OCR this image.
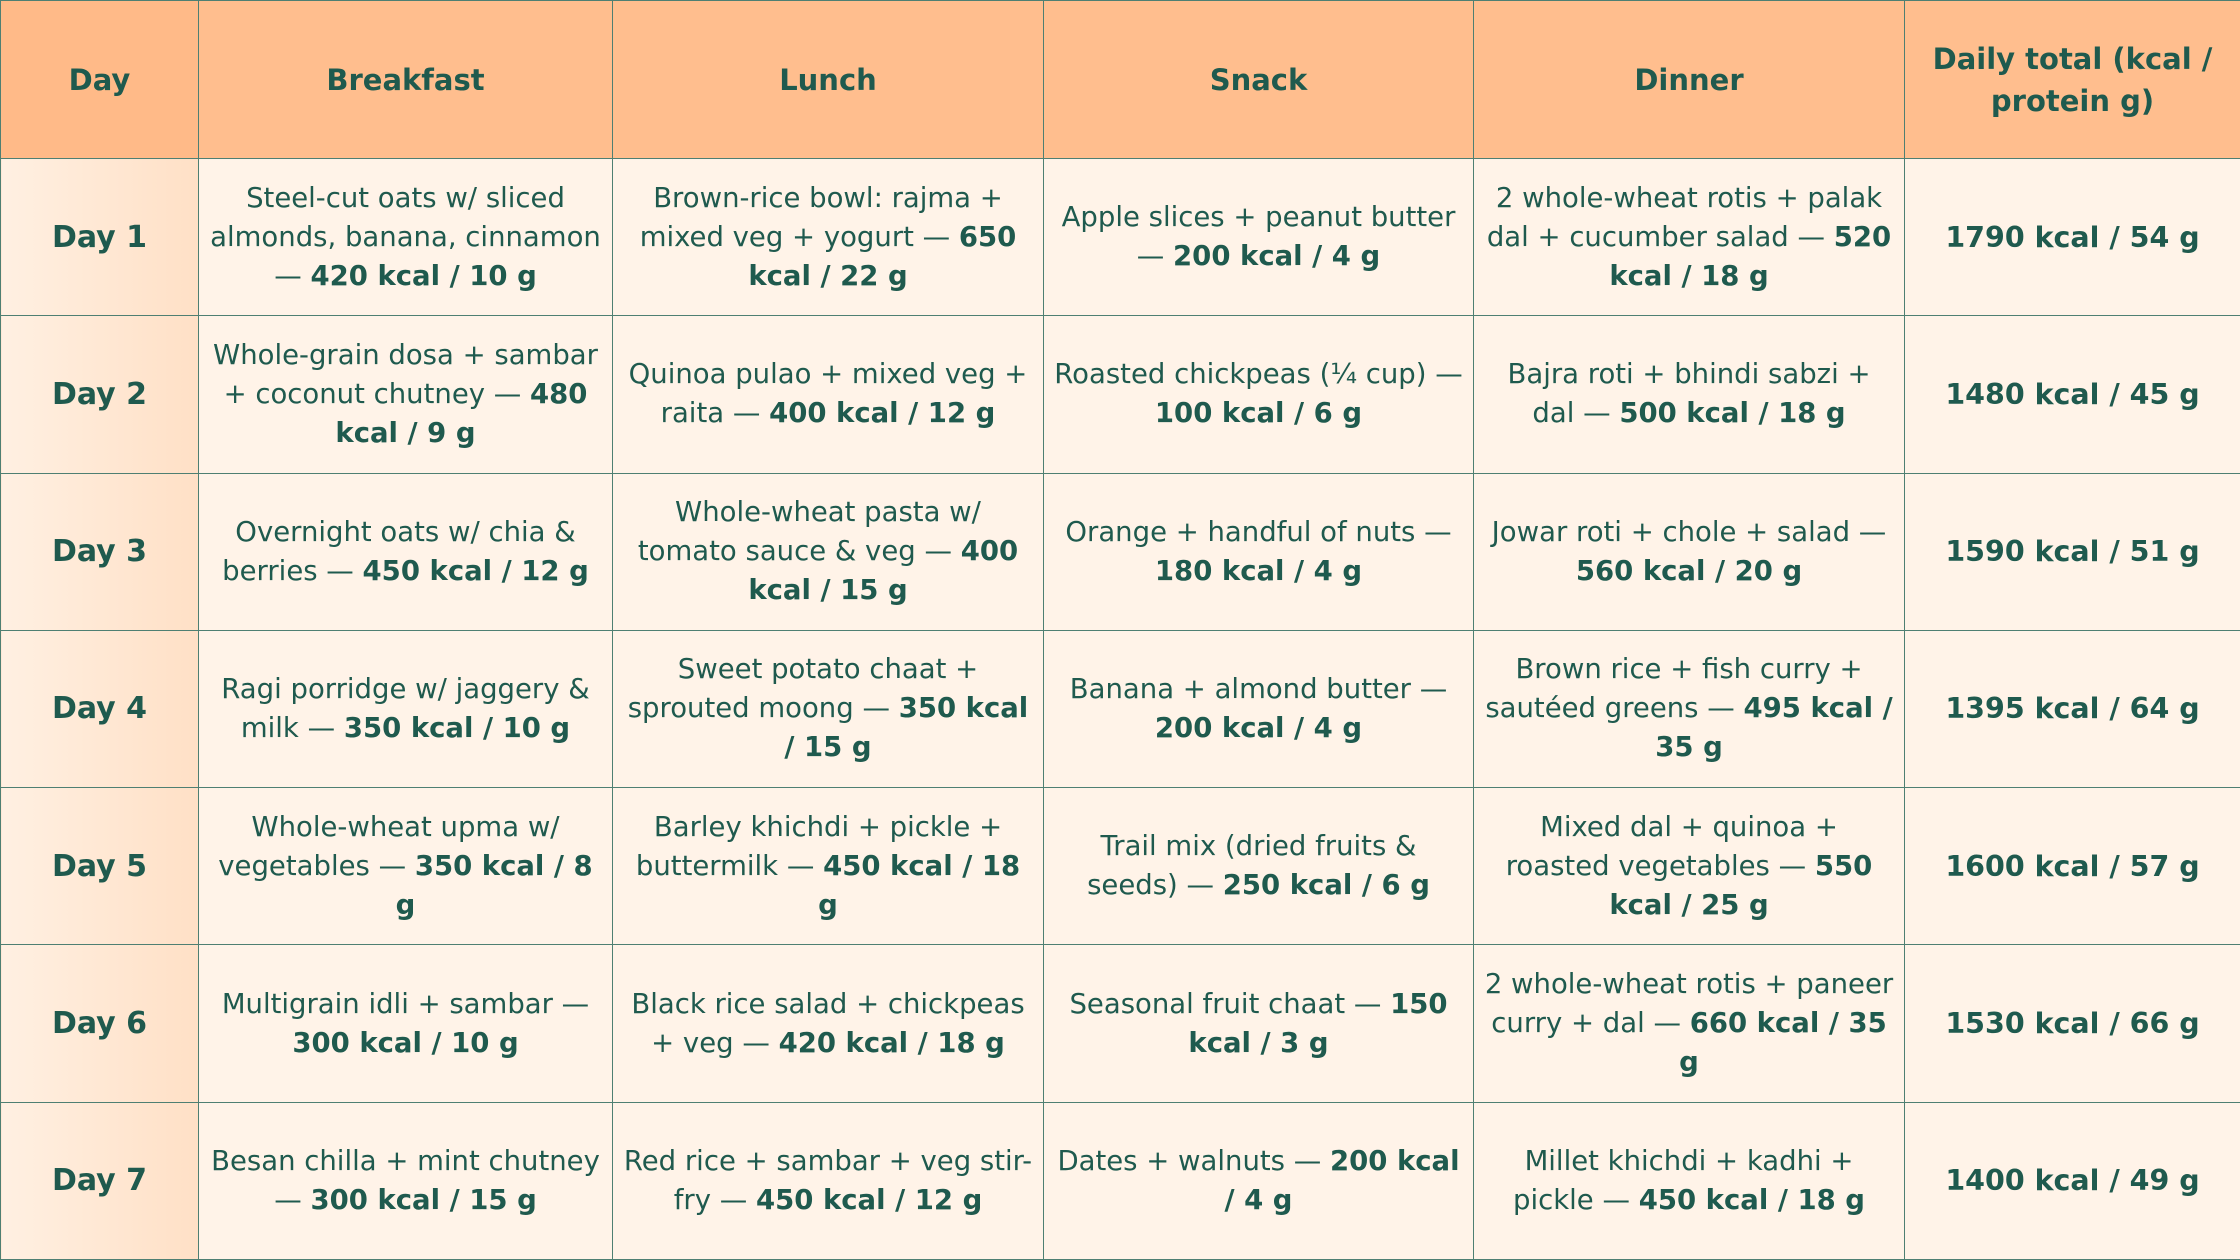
Day	Breakfast	Lunch	Snack	Dinner	Daily total (kcal / protein g)
Day 1	Steel-cut oats w/ sliced almonds, banana, cinnamon — 420 kcal / 10 g	Brown-rice bowl: rajma + mixed veg + yogurt — 650 kcal / 22 g	Apple slices + peanut butter — 200 kcal / 4 g	2 whole-wheat rotis + palak dal + cucumber salad — 520 kcal / 18 g	1790 kcal / 54 g
Day 2	Whole-grain dosa + sambar + coconut chutney — 480 kcal / 9 g	Quinoa pulao + mixed veg + raita — 400 kcal / 12 g	Roasted chickpeas (¼ cup) — 100 kcal / 6 g	Bajra roti + bhindi sabzi + dal — 500 kcal / 18 g	1480 kcal / 45 g
Day 3	Overnight oats w/ chia & berries — 450 kcal / 12 g	Whole-wheat pasta w/ tomato sauce & veg — 400 kcal / 15 g	Orange + handful of nuts — 180 kcal / 4 g	Jowar roti + chole + salad — 560 kcal / 20 g	1590 kcal / 51 g
Day 4	Ragi porridge w/ jaggery & milk — 350 kcal / 10 g	Sweet potato chaat + sprouted moong — 350 kcal / 15 g	Banana + almond butter — 200 kcal / 4 g	Brown rice + fish curry + sautéed greens — 495 kcal / 35 g	1395 kcal / 64 g
Day 5	Whole-wheat upma w/ vegetables — 350 kcal / 8 g	Barley khichdi + pickle + buttermilk — 450 kcal / 18 g	Trail mix (dried fruits & seeds) — 250 kcal / 6 g	Mixed dal + quinoa + roasted vegetables — 550 kcal / 25 g	1600 kcal / 57 g
Day 6	Multigrain idli + sambar — 300 kcal / 10 g	Black rice salad + chickpeas + veg — 420 kcal / 18 g	Seasonal fruit chaat — 150 kcal / 3 g	2 whole-wheat rotis + paneer curry + dal — 660 kcal / 35 g	1530 kcal / 66 g
Day 7	Besan chilla + mint chutney — 300 kcal / 15 g	Red rice + sambar + veg stir-fry — 450 kcal / 12 g	Dates + walnuts — 200 kcal / 4 g	Millet khichdi + kadhi + pickle — 450 kcal / 18 g	1400 kcal / 49 g
